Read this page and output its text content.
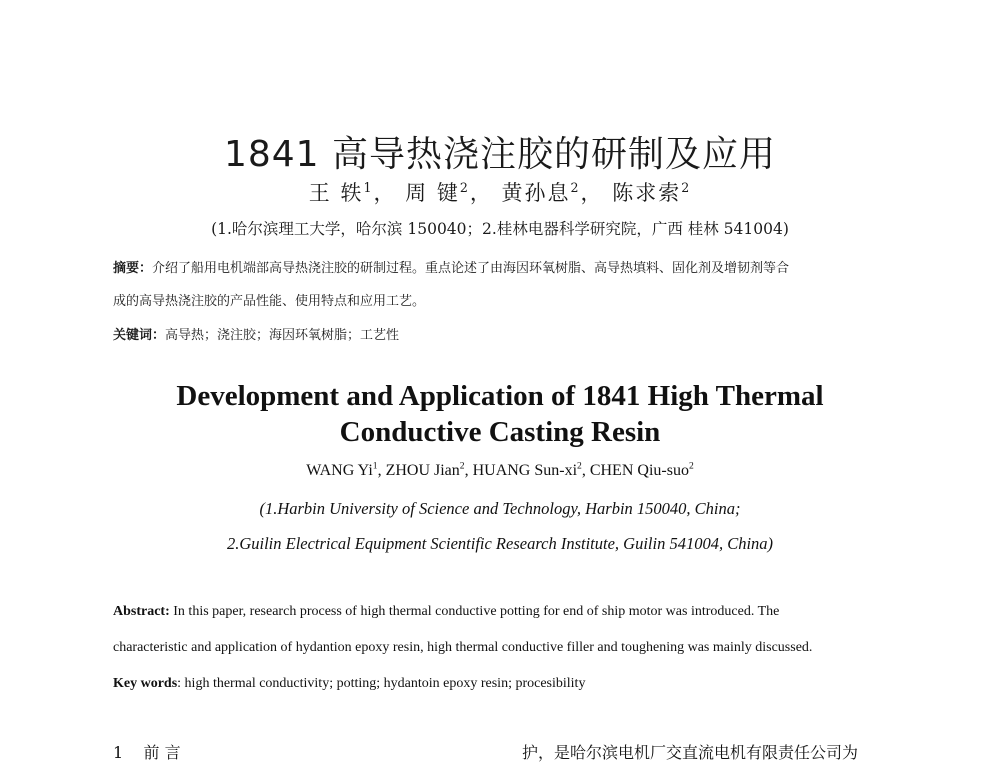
1841 高导热浇注胶的研制及应用
王 轶$^1$， 周 键$^2$， 黄孙息$^2$， 陈求索$^2$
(1.哈尔滨理工大学，哈尔滨 150040；2.桂林电器科学研究院，广西 桂林 541004)
摘要：介绍了船用电机端部高导热浇注胶的研制过程。重点论述了由海因环氧树脂、高导热填料、固化剂及增韧剂等合
成的高导热浇注胶的产品性能、使用特点和应用工艺。
关键词：高导热；浇注胶；海因环氧树脂；工艺性
Development and Application of 1841 High Thermal
Conductive Casting Resin
WANG Yi$^1$, ZHOU Jian$^2$, HUANG Sun-$xi^2$, CHEN Qiu-suo$^2$
(1.Harbin University of Science and Technology, Harbin 150040, China;
2.Guilin Electrical Equipment Scientific Research Institute, Guilin 541004, China)
Abstract: In this paper, research process of high thermal conductive potting for end of ship motor was introduced. The
characteristic and application of hydantion epoxy resin, high thermal conductive filler and toughening was mainly discussed.
Key words: high thermal conductivity; potting; hydantoin epoxy resin; procesibility
1 前 言	护，是哈尔滨电机厂交直流电机有限责任公司为
